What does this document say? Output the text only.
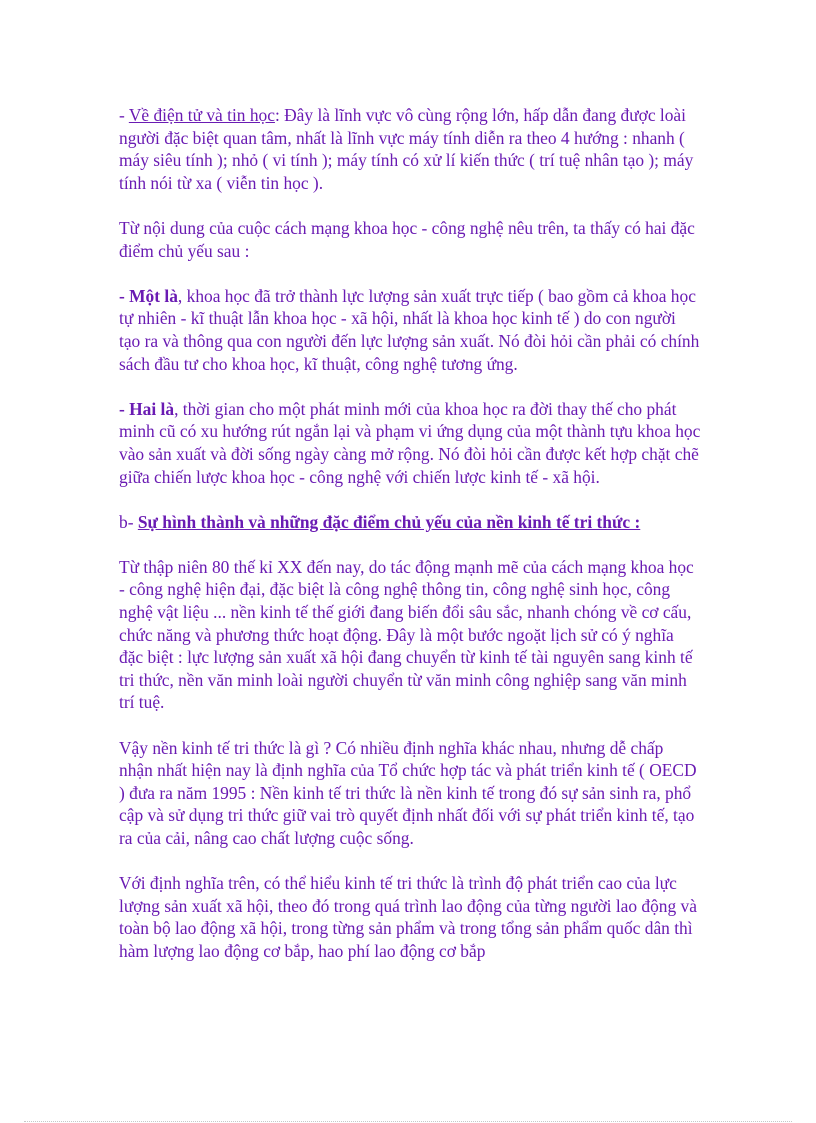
- Về điện tử và tin học: Đây là lĩnh vực vô cùng rộng lớn, hấp dẫn đang được loài người đặc biệt quan tâm, nhất là lĩnh vực máy tính diễn ra theo 4 hướng : nhanh ( máy siêu tính ); nhỏ ( vi tính ); máy tính có xử lí kiến thức ( trí tuệ nhân tạo ); máy tính nói từ xa ( viễn tin học ).

Từ nội dung của cuộc cách mạng khoa học - công nghệ nêu trên, ta thấy có hai đặc điểm chủ yếu sau :

- Một là, khoa học đã trở thành lực lượng sản xuất trực tiếp ( bao gồm cả khoa học tự nhiên - kĩ thuật lẫn khoa học - xã hội, nhất là khoa học kinh tế ) do con người tạo ra và thông qua con người đến lực lượng sản xuất. Nó đòi hỏi cần phải có chính sách đầu tư cho khoa học, kĩ thuật, công nghệ tương ứng.

- Hai là, thời gian cho một phát minh mới của khoa học ra đời thay thế cho phát minh cũ có xu hướng rút ngắn lại và phạm vi ứng dụng của một thành tựu khoa học vào sản xuất và đời sống ngày càng mở rộng. Nó đòi hỏi cần được kết hợp chặt chẽ giữa chiến lược khoa học - công nghệ với chiến lược kinh tế - xã hội.

b- Sự hình thành và những đặc điểm chủ yếu của nền kinh tế tri thức :

Từ thập niên 80 thế kỉ XX đến nay, do tác động mạnh mẽ của cách mạng khoa học - công nghệ hiện đại, đặc biệt là công nghệ thông tin, công nghệ sinh học, công nghệ vật liệu ... nền kinh tế thế giới đang biến đổi sâu sắc, nhanh chóng về cơ cấu, chức năng và phương thức hoạt động. Đây là một bước ngoặt lịch sử có ý nghĩa đặc biệt : lực lượng sản xuất xã hội đang chuyển từ kinh tế tài nguyên sang kinh tế tri thức, nền văn minh loài người chuyển từ văn minh công nghiệp sang văn minh trí tuệ.

Vậy nền kinh tế tri thức là gì ? Có nhiều định nghĩa khác nhau, nhưng dễ chấp nhận nhất hiện nay là định nghĩa của Tổ chức hợp tác và phát triển kinh tế ( OECD ) đưa ra năm 1995 : Nền kinh tế tri thức là nền kinh tế trong đó sự sản sinh ra, phổ cập và sử dụng tri thức giữ vai trò quyết định nhất đối với sự phát triển kinh tế, tạo ra của cải, nâng cao chất lượng cuộc sống.

Với định nghĩa trên, có thể hiểu kinh tế tri thức là trình độ phát triển cao của lực lượng sản xuất xã hội, theo đó trong quá trình lao động của từng người lao động và toàn bộ lao động xã hội, trong từng sản phẩm và trong tổng sản phẩm quốc dân thì hàm lượng lao động cơ bắp, hao phí lao động cơ bắp
